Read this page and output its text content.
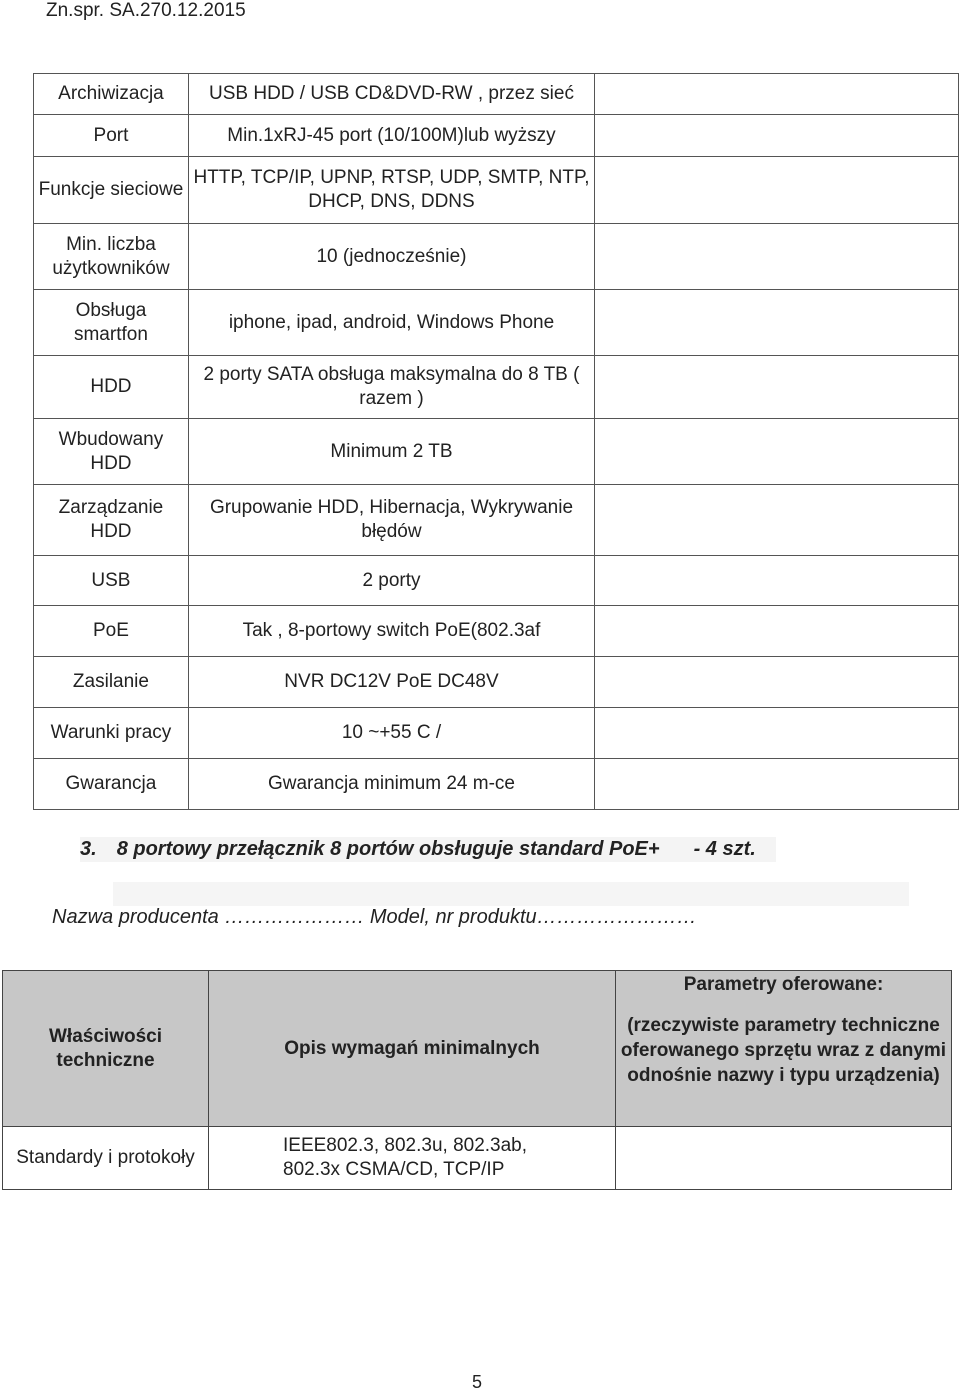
Zn.spr. SA.270.12.2015
Archiwizacja	USB HDD / USB CD&DVD-RW , przez sieć	
Port	Min.1xRJ-45 port (10/100M)lub wyższy	
Funkcje sieciowe	HTTP, TCP/IP, UPNP, RTSP, UDP, SMTP, NTP, DHCP, DNS, DDNS	
Min. liczba użytkowników	10 (jednocześnie)	
Obsługa smartfon	iphone, ipad, android, Windows Phone	
HDD	2 porty SATA obsługa maksymalna do 8 TB ( razem )	
Wbudowany HDD	Minimum 2 TB	
Zarządzanie HDD	Grupowanie HDD, Hibernacja, Wykrywanie błędów	
USB	2 porty	
PoE	Tak , 8-portowy switch PoE(802.3af	
Zasilanie	NVR DC12V PoE DC48V	
Warunki pracy	10 ~+55 C /	
Gwarancja	Gwarancja minimum 24 m-ce	
3. 8 portowy przełącznik 8 portów obsługuje standard PoE+ - 4 szt.
Nazwa producenta ………………… Model, nr produktu……………………
Właściwości techniczne	Opis wymagań minimalnych	Parametry oferowane:
(rzeczywiste parametry techniczne oferowanego sprzętu wraz z danymi odnośnie nazwy i typu urządzenia)

Standardy i protokoły	IEEE802.3, 802.3u, 802.3ab, 802.3x CSMA/CD, TCP/IP	
5
